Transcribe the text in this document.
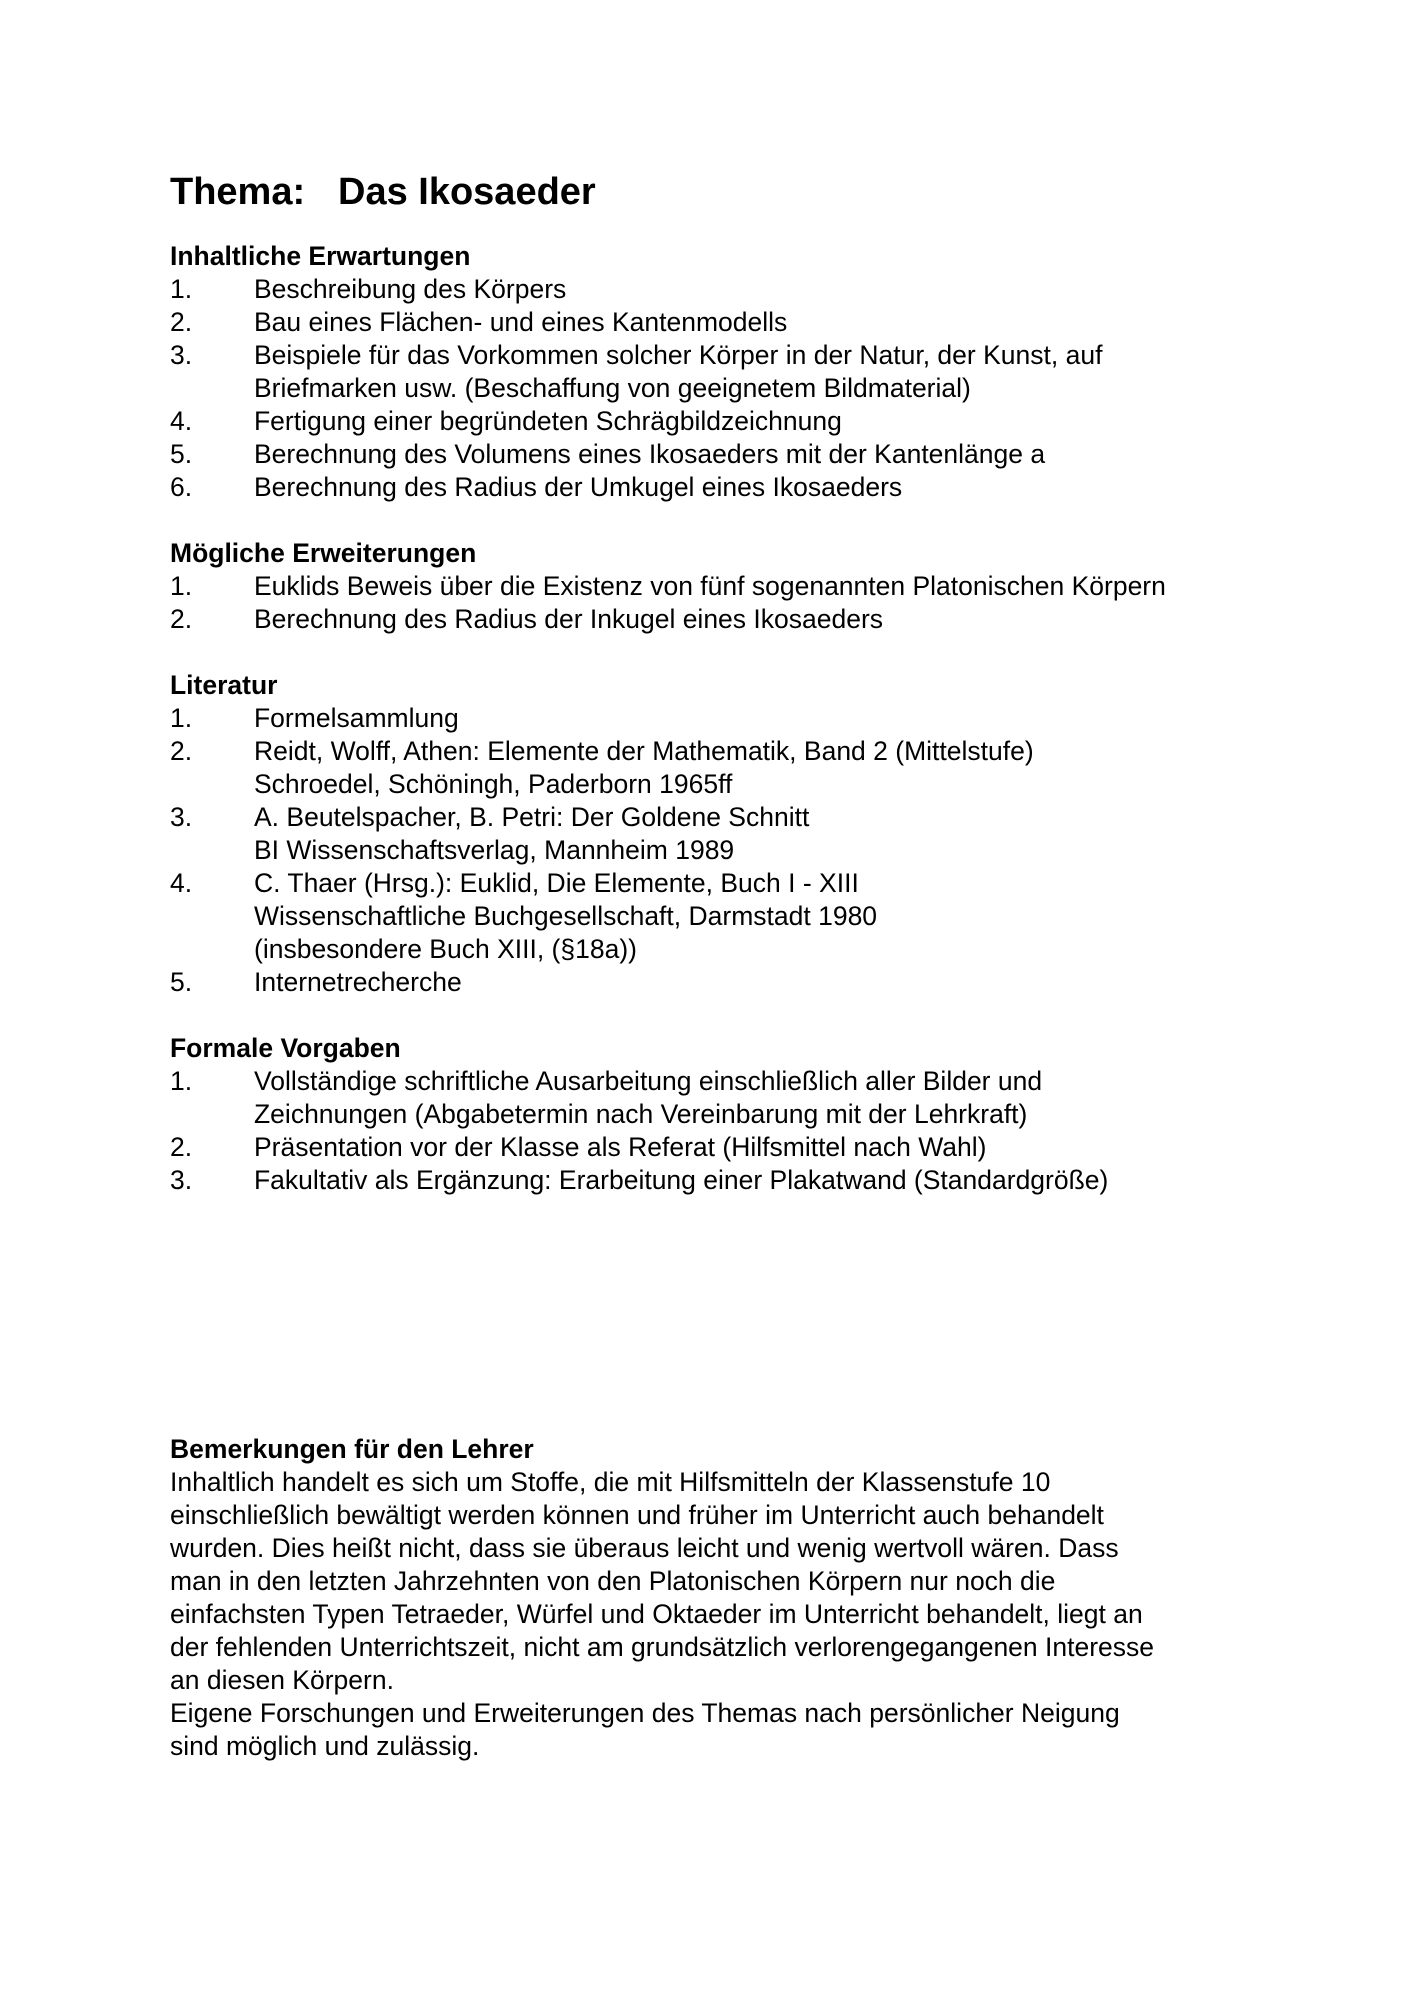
Thema: Das Ikosaeder
Inhaltliche Erwartungen
1.	Beschreibung des Körpers
2.	Bau eines Flächen- und eines Kantenmodells
3.	Beispiele für das Vorkommen solcher Körper in der Natur, der Kunst, auf
Briefmarken usw. (Beschaffung von geeignetem Bildmaterial)
4.	Fertigung einer begründeten Schrägbildzeichnung
5.	Berechnung des Volumens eines Ikosaeders mit der Kantenlänge a
6.	Berechnung des Radius der Umkugel eines Ikosaeders
Mögliche Erweiterungen
1.	Euklids Beweis über die Existenz von fünf sogenannten Platonischen Körpern
2.	Berechnung des Radius der Inkugel eines Ikosaeders
Literatur
1.	Formelsammlung
2.	Reidt, Wolff, Athen: Elemente der Mathematik, Band 2 (Mittelstufe)
Schroedel, Schöningh, Paderborn 1965ff
3.	A. Beutelspacher, B. Petri: Der Goldene Schnitt
BI Wissenschaftsverlag, Mannheim 1989
4.	C. Thaer (Hrsg.): Euklid, Die Elemente, Buch I - XIII
Wissenschaftliche Buchgesellschaft, Darmstadt 1980
(insbesondere Buch XIII, (§18a))
5.	Internetrecherche
Formale Vorgaben
1.	Vollständige schriftliche Ausarbeitung einschließlich aller Bilder und
Zeichnungen (Abgabetermin nach Vereinbarung mit der Lehrkraft)
2.	Präsentation vor der Klasse als Referat (Hilfsmittel nach Wahl)
3.	Fakultativ als Ergänzung: Erarbeitung einer Plakatwand (Standardgröße)
Bemerkungen für den Lehrer
Inhaltlich handelt es sich um Stoffe, die mit Hilfsmitteln der Klassenstufe 10
einschließlich bewältigt werden können und früher im Unterricht auch behandelt
wurden. Dies heißt nicht, dass sie überaus leicht und wenig wertvoll wären. Dass
man in den letzten Jahrzehnten von den Platonischen Körpern nur noch die
einfachsten Typen Tetraeder, Würfel und Oktaeder im Unterricht behandelt, liegt an
der fehlenden Unterrichtszeit, nicht am grundsätzlich verlorengegangenen Interesse
an diesen Körpern.
Eigene Forschungen und Erweiterungen des Themas nach persönlicher Neigung
sind möglich und zulässig.
